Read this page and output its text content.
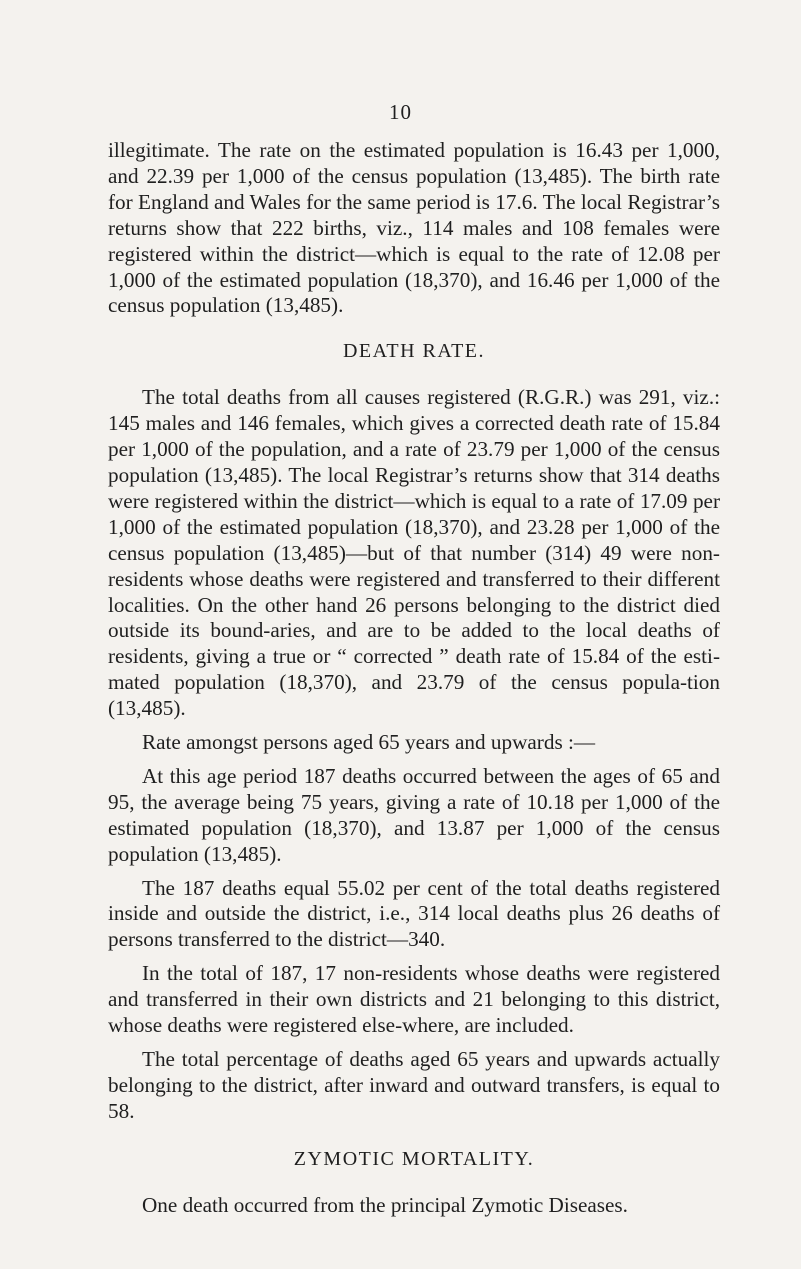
10

illegitimate. The rate on the estimated population is 16.43 per 1,000, and 22.39 per 1,000 of the census population (13,485). The birth rate for England and Wales for the same period is 17.6. The local Registrar’s returns show that 222 births, viz., 114 males and 108 females were registered within the district—which is equal to the rate of 12.08 per 1,000 of the estimated population (18,370), and 16.46 per 1,000 of the census population (13,485).

DEATH RATE.

The total deaths from all causes registered (R.G.R.) was 291, viz.: 145 males and 146 females, which gives a corrected death rate of 15.84 per 1,000 of the population, and a rate of 23.79 per 1,000 of the census population (13,485). The local Registrar’s returns show that 314 deaths were registered within the district—which is equal to a rate of 17.09 per 1,000 of the estimated population (18,370), and 23.28 per 1,000 of the census population (13,485)—but of that number (314) 49 were non-residents whose deaths were registered and transferred to their different localities. On the other hand 26 persons belonging to the district died outside its bound-aries, and are to be added to the local deaths of residents, giving a true or “ corrected ” death rate of 15.84 of the esti-mated population (18,370), and 23.79 of the census popula-tion (13,485).

Rate amongst persons aged 65 years and upwards :—

At this age period 187 deaths occurred between the ages of 65 and 95, the average being 75 years, giving a rate of 10.18 per 1,000 of the estimated population (18,370), and 13.87 per 1,000 of the census population (13,485).

The 187 deaths equal 55.02 per cent of the total deaths registered inside and outside the district, i.e., 314 local deaths plus 26 deaths of persons transferred to the district—340.

In the total of 187, 17 non-residents whose deaths were registered and transferred in their own districts and 21 belonging to this district, whose deaths were registered else-where, are included.

The total percentage of deaths aged 65 years and upwards actually belonging to the district, after inward and outward transfers, is equal to 58.

ZYMOTIC MORTALITY.

One death occurred from the principal Zymotic Diseases.
